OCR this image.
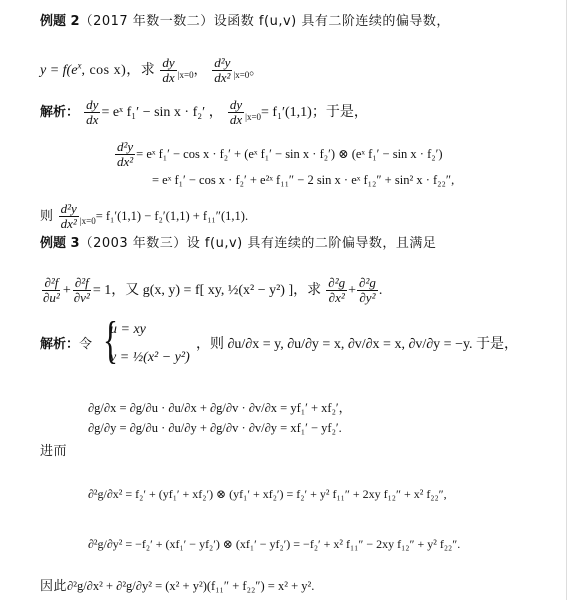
例题 2（2017 年数一数二）设函数 f(u,v) 具有二阶连续的偏导数，
$y = f(e^x$, cos x)，求 $\frac{dy}{dx} _{|x=0}$， $\frac{\text{d²y}}{\text{dx²}} _{|x=0}$。
解析： $\frac{dy}{dx}$ = eˣ f₁′ − sin x · f₂′ ， $\frac{dy}{dx} _{|x=0}= f_1'(1,1)$；于是，
$\frac{\text{d²y}}{\text{dx²}}$ = eˣ f₁′ − cos x · f₂′ + (eˣ f₁′ − sin x · f₂′) ⊗ (eˣ f₁′ − sin x · f₂′)
= eˣ f₁′ − cos x · f₂′ + e²ˣ f₁₁″ − 2 sin x · eˣ f₁₂″ + sin² x · f₂₂″,
则 $\frac{\text{d²y}}{\text{dx²}} _{|x=0}= f_1'(1,1) - f_2'(1,1) + f_{11}''(1,1)$.
例题 3（2003 年数三）设 f(u,v) 具有连续的二阶偏导数，且满足
$\frac{\text{∂²f}}{\text{∂u²}} + \frac{\text{∂²f}}{\text{∂v²}} = 1$，又 g(x, y) = f[ xy, ½(x² − y²) ]，求 $\frac{\text{∂²g}}{\text{∂x²}} + \frac{\text{∂²g}}{\text{∂y²}}$ .
解析：令 {
u = xy
v = ½(x² − y²)
，则 ∂u/∂x = y, ∂u/∂y = x, ∂v/∂x = x, ∂v/∂y = −y. 于是，
∂g/∂x = ∂g/∂u · ∂u/∂x + ∂g/∂v · ∂v/∂x = yf₁′ + xf₂′，
∂g/∂y = ∂g/∂u · ∂u/∂y + ∂g/∂v · ∂v/∂y = xf₁′ − yf₂′.
进而
∂²g/∂x² = f₂′ + (yf₁′ + xf₂′) ⊗ (yf₁′ + xf₂′) = f₂′ + y² f₁₁″ + 2xy f₁₂″ + x² f₂₂″,
∂²g/∂y² = −f₂′ + (xf₁′ − yf₂′) ⊗ (xf₁′ − yf₂′) = −f₂′ + x² f₁₁″ − 2xy f₁₂″ + y² f₂₂″.
因此∂²g/∂x² + ∂²g/∂y² = (x² + y²)(f₁₁″ + f₂₂″) = x² + y².
